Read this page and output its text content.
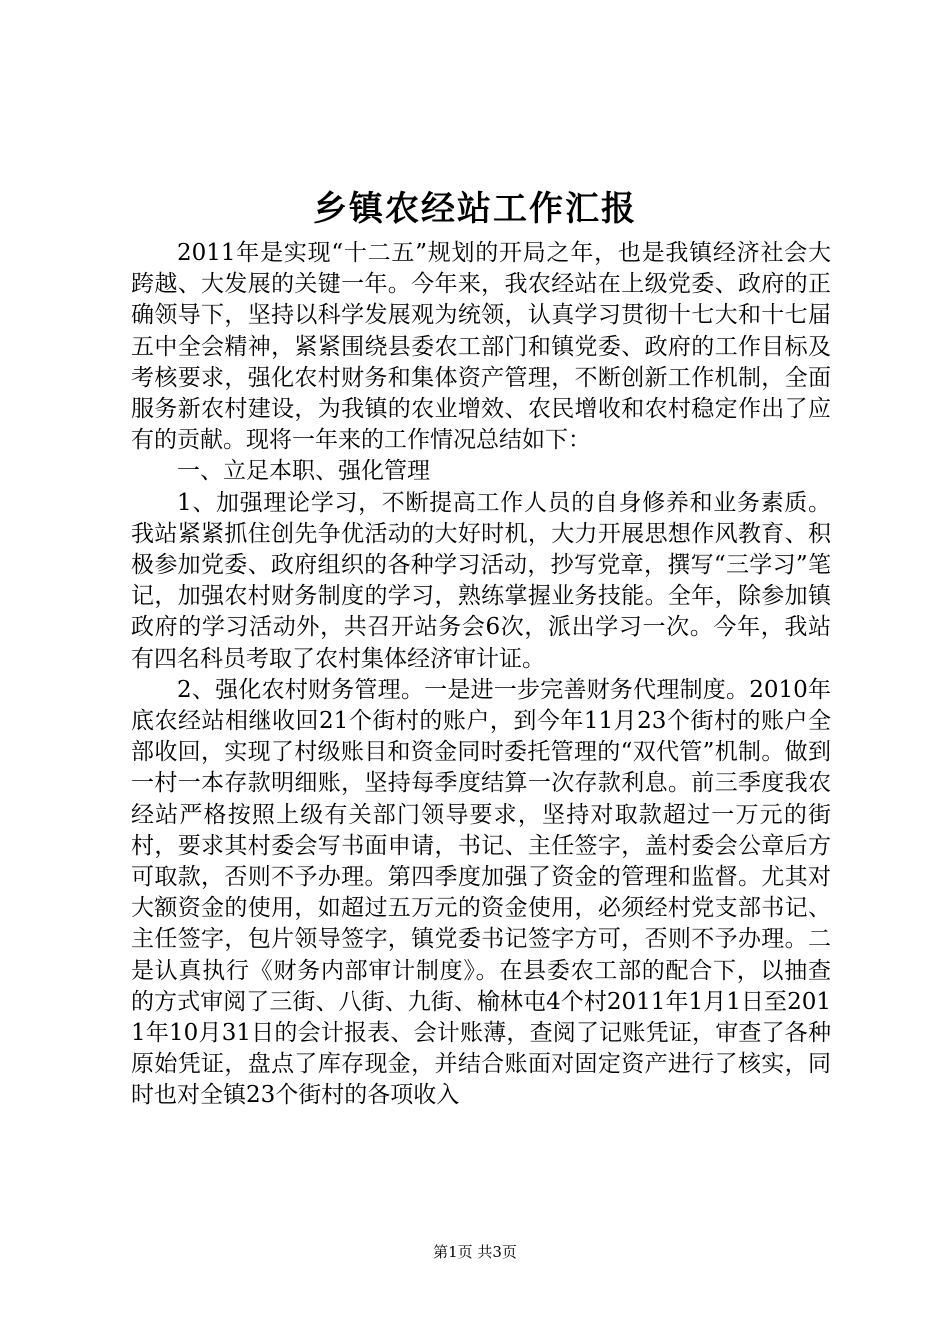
乡镇农经站工作汇报

2011年是实现“十二五”规划的开局之年，也是我镇经济社会大跨越、大发展的关键一年。今年来，我农经站在上级党委、政府的正确领导下，坚持以科学发展观为统领，认真学习贯彻十七大和十七届五中全会精神，紧紧围绕县委农工部门和镇党委、政府的工作目标及考核要求，强化农村财务和集体资产管理，不断创新工作机制，全面服务新农村建设，为我镇的农业增效、农民增收和农村稳定作出了应有的贡献。现将一年来的工作情况总结如下：

一、立足本职、强化管理

1、加强理论学习，不断提高工作人员的自身修养和业务素质。我站紧紧抓住创先争优活动的大好时机，大力开展思想作风教育、积极参加党委、政府组织的各种学习活动，抄写党章，撰写“三学习”笔记，加强农村财务制度的学习，熟练掌握业务技能。全年，除参加镇政府的学习活动外，共召开站务会6次，派出学习一次。今年，我站有四名科员考取了农村集体经济审计证。

2、强化农村财务管理。一是进一步完善财务代理制度。2010年底农经站相继收回21个街村的账户，到今年11月23个街村的账户全部收回，实现了村级账目和资金同时委托管理的“双代管”机制。做到一村一本存款明细账，坚持每季度结算一次存款利息。前三季度我农经站严格按照上级有关部门领导要求，坚持对取款超过一万元的街村，要求其村委会写书面申请，书记、主任签字，盖村委会公章后方可取款，否则不予办理。第四季度加强了资金的管理和监督。尤其对大额资金的使用，如超过五万元的资金使用，必须经村党支部书记、主任签字，包片领导签字，镇党委书记签字方可，否则不予办理。二是认真执行《财务内部审计制度》。在县委农工部的配合下，以抽查的方式审阅了三街、八街、九街、榆林屯4个村2011年1月1日至2011年10月31日的会计报表、会计账薄，查阅了记账凭证，审查了各种原始凭证，盘点了库存现金，并结合账面对固定资产进行了核实，同时也对全镇23个街村的各项收入

第1页 共3页
